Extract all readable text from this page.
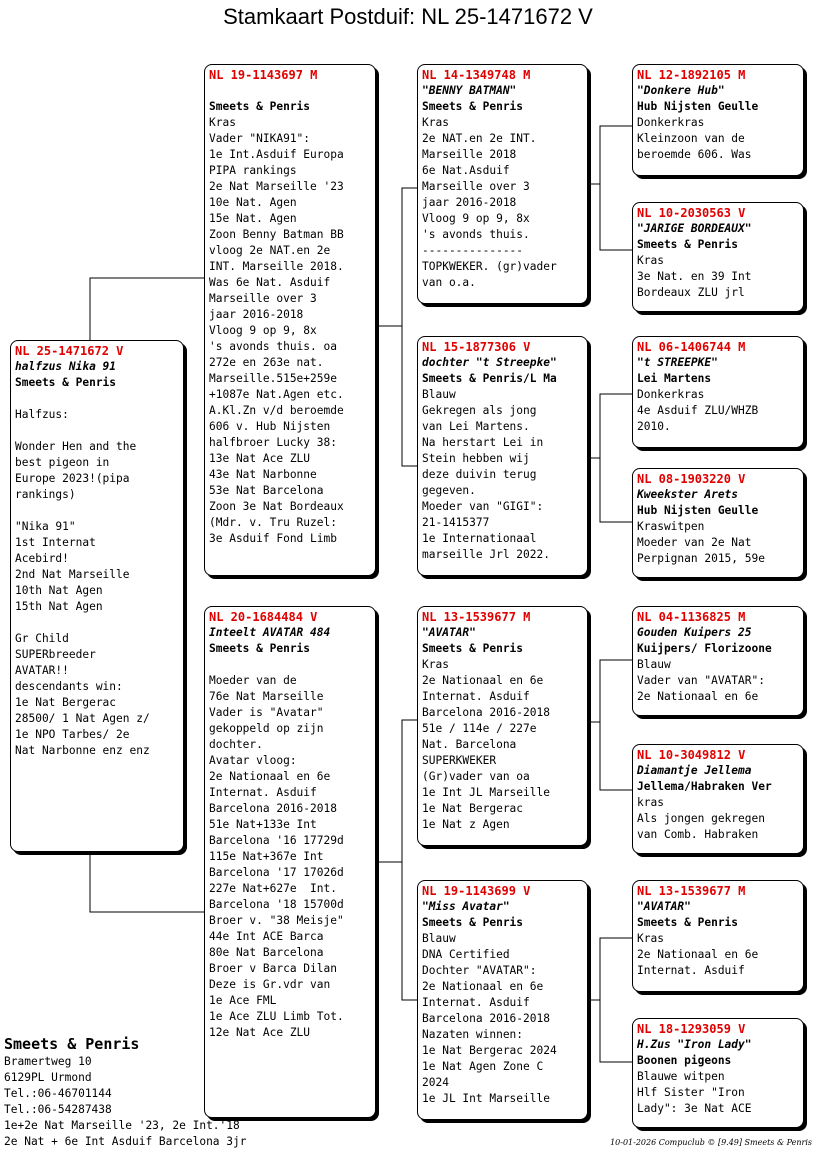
Stamkaart Postduif: NL 25-1471672 V
NL 25-1471672 V
halfzus Nika 91
Smeets & Penris

Halfzus:

Wonder Hen and the
best pigeon in
Europe 2023!(pipa
rankings)

"Nika 91"
1st Internat
Acebird!
2nd Nat Marseille
10th Nat Agen
15th Nat Agen

Gr Child
SUPERbreeder
AVATAR!!
descendants win:
1e Nat Bergerac
28500/ 1 Nat Agen z/
1e NPO Tarbes/ 2e
Nat Narbonne enz enz
NL 19-1143697 M
Smeets & Penris
Kras
Vader "NIKA91":
1e Int.Asduif Europa
PIPA rankings
2e Nat Marseille '23
10e Nat. Agen
15e Nat. Agen
Zoon Benny Batman BB
vloog 2e NAT.en 2e
INT. Marseille 2018.
Was 6e Nat. Asduif
Marseille over 3
jaar 2016-2018
Vloog 9 op 9, 8x
's avonds thuis. oa
272e en 263e nat.
Marseille.515e+259e
+1087e Nat.Agen etc.
A.Kl.Zn v/d beroemde
606 v. Hub Nijsten
halfbroer Lucky 38:
13e Nat Ace ZLU
43e Nat Narbonne
53e Nat Barcelona
Zoon 3e Nat Bordeaux
(Mdr. v. Tru Ruzel:
3e Asduif Fond Limb
NL 20-1684484 V
Inteelt AVATAR 484
Smeets & Penris

Moeder van de
76e Nat Marseille
Vader is "Avatar"
gekoppeld op zijn
dochter.
Avatar vloog:
2e Nationaal en 6e
Internat. Asduif
Barcelona 2016-2018
51e Nat+133e Int
Barcelona '16 17729d
115e Nat+367e Int
Barcelona '17 17026d
227e Nat+627e  Int.
Barcelona '18 15700d
Broer v. "38 Meisje"
44e Int ACE Barca
80e Nat Barcelona
Broer v Barca Dilan
Deze is Gr.vdr van
1e Ace FML
1e Ace ZLU Limb Tot.
12e Nat Ace ZLU
NL 14-1349748 M
"BENNY BATMAN"
Smeets & Penris
Kras
2e NAT.en 2e INT.
Marseille 2018
6e Nat.Asduif
Marseille over 3
jaar 2016-2018
Vloog 9 op 9, 8x
's avonds thuis.
---------------
TOPKWEKER. (gr)vader
van o.a.
NL 15-1877306 V
dochter "t Streepke"
Smeets & Penris/L Ma
Blauw
Gekregen als jong
van Lei Martens.
Na herstart Lei in
Stein hebben wij
deze duivin terug
gegeven.
Moeder van "GIGI":
21-1415377
1e Internationaal
marseille Jrl 2022.
NL 13-1539677 M
"AVATAR"
Smeets & Penris
Kras
2e Nationaal en 6e
Internat. Asduif
Barcelona 2016-2018
51e / 114e / 227e
Nat. Barcelona
SUPERKWEKER
(Gr)vader van oa
1e Int JL Marseille
1e Nat Bergerac
1e Nat z Agen
NL 19-1143699 V
"Miss Avatar"
Smeets & Penris
Blauw
DNA Certified
Dochter "AVATAR":
2e Nationaal en 6e
Internat. Asduif
Barcelona 2016-2018
Nazaten winnen:
1e Nat Bergerac 2024
1e Nat Agen Zone C
2024
1e JL Int Marseille
NL 12-1892105 M
"Donkere Hub"
Hub Nijsten Geulle
Donkerkras
Kleinzoon van de
beroemde 606. Was
NL 10-2030563 V
"JARIGE BORDEAUX"
Smeets & Penris
Kras
3e Nat. en 39 Int
Bordeaux ZLU jrl
NL 06-1406744 M
"t STREEPKE"
Lei Martens
Donkerkras
4e Asduif ZLU/WHZB
2010.
NL 08-1903220 V
Kweekster Arets
Hub Nijsten Geulle
Kraswitpen
Moeder van 2e Nat
Perpignan 2015, 59e
NL 04-1136825 M
Gouden Kuipers 25
Kuijpers/ Florizoone
Blauw
Vader van "AVATAR":
2e Nationaal en 6e
NL 10-3049812 V
Diamantje Jellema
Jellema/Habraken Ver
kras
Als jongen gekregen
van Comb. Habraken
NL 13-1539677 M
"AVATAR"
Smeets & Penris
Kras
2e Nationaal en 6e
Internat. Asduif
NL 18-1293059 V
H.Zus "Iron Lady"
Boonen pigeons
Blauwe witpen
Hlf Sister "Iron
Lady": 3e Nat ACE
Smeets & Penris
Bramertweg 10
6129PL Urmond
Tel.:06-46701144
Tel.:06-54287438
1e+2e Nat Marseille '23, 2e Int.'18
2e Nat + 6e Int Asduif Barcelona 3jr	10-01-2026 Compuclub © [9.49] Smeets & Penris
